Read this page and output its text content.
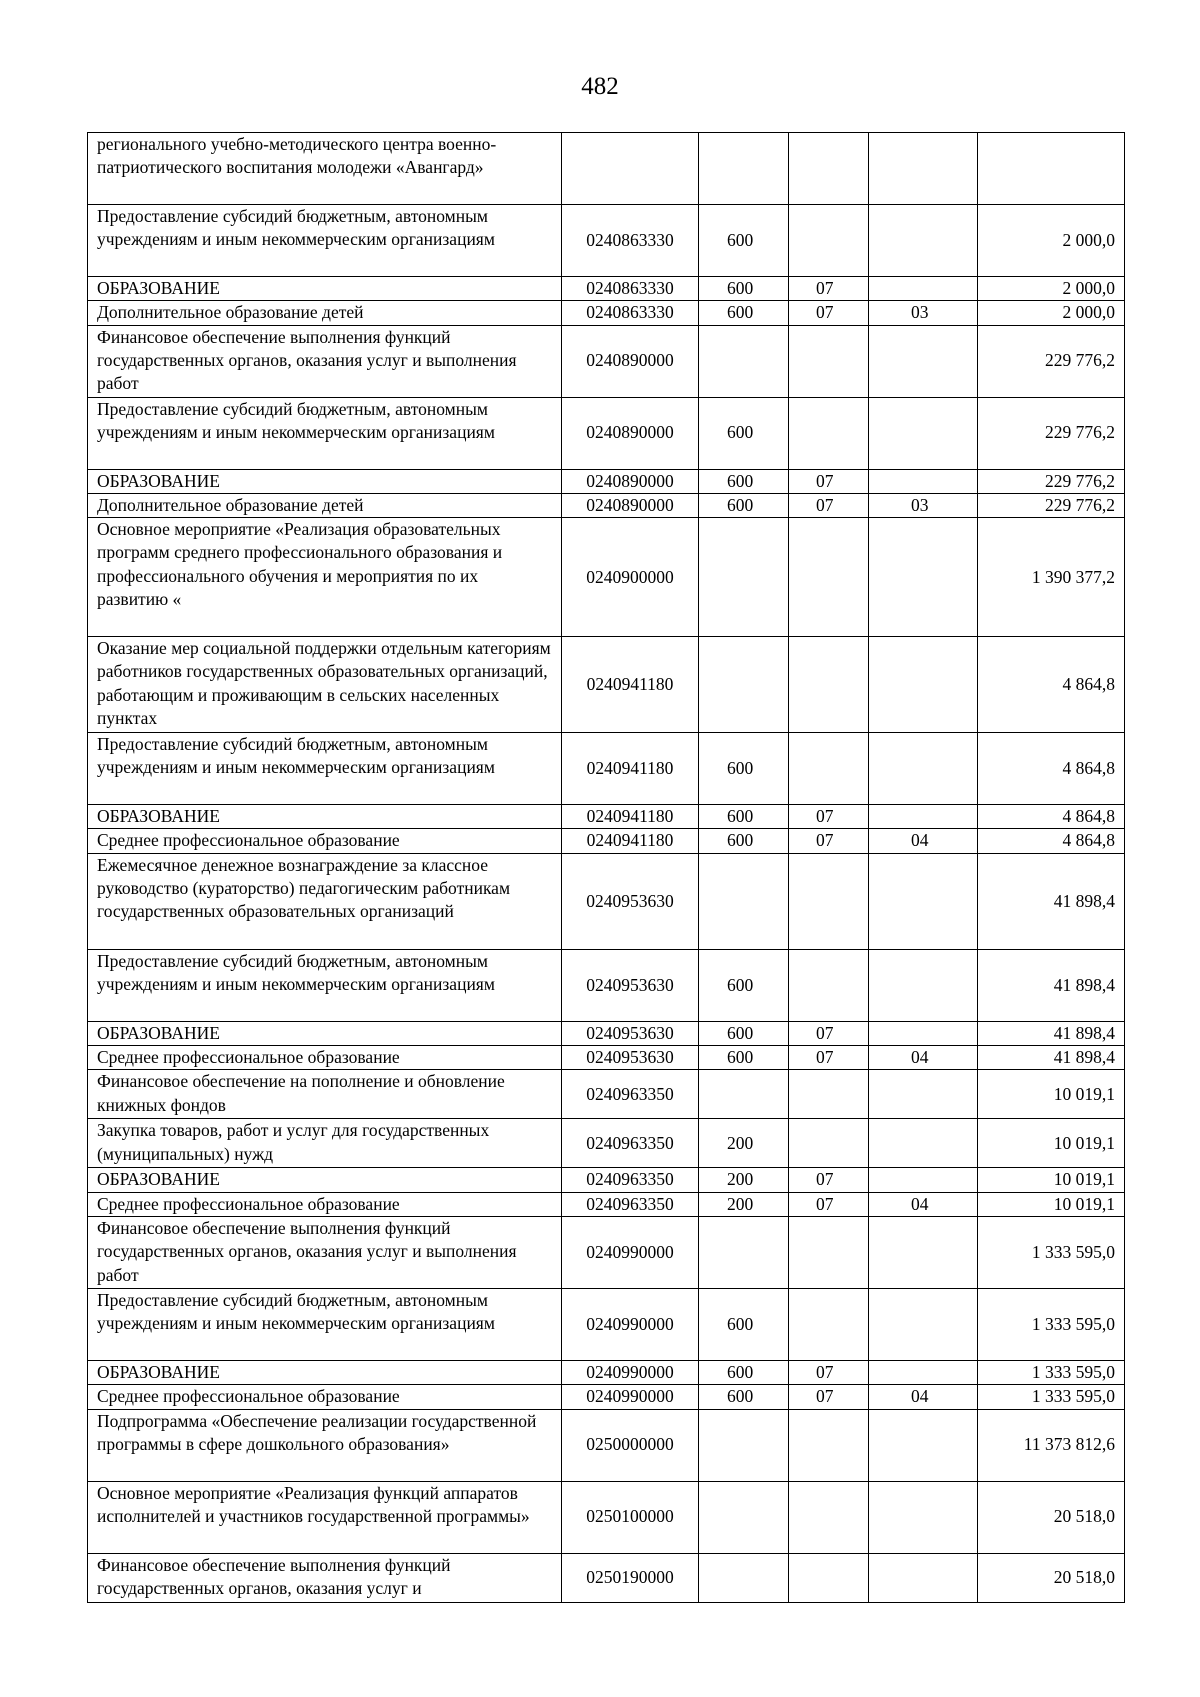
482
регионального учебно-методического центра военно-патриотического воспитания молодежи «Авангард»					
Предоставление субсидий бюджетным, автономным учреждениям и иным некоммерческим организациям	0240863330	600			2 000,0
ОБРАЗОВАНИЕ	0240863330	600	07		2 000,0
Дополнительное образование детей	0240863330	600	07	03	2 000,0
Финансовое обеспечение выполнения функций государственных органов, оказания услуг и выполнения работ	0240890000				229 776,2
Предоставление субсидий бюджетным, автономным учреждениям и иным некоммерческим организациям	0240890000	600			229 776,2
ОБРАЗОВАНИЕ	0240890000	600	07		229 776,2
Дополнительное образование детей	0240890000	600	07	03	229 776,2
Основное мероприятие «Реализация образовательных программ среднего профессионального образования и профессионального обучения и мероприятия по их развитию «	0240900000				1 390 377,2
Оказание мер социальной поддержки отдельным категориям работников государственных образовательных организаций, работающим и проживающим в сельских населенных пунктах	0240941180				4 864,8
Предоставление субсидий бюджетным, автономным учреждениям и иным некоммерческим организациям	0240941180	600			4 864,8
ОБРАЗОВАНИЕ	0240941180	600	07		4 864,8
Среднее профессиональное образование	0240941180	600	07	04	4 864,8
Ежемесячное денежное вознаграждение за классное руководство (кураторство) педагогическим работникам государственных образовательных организаций	0240953630				41 898,4
Предоставление субсидий бюджетным, автономным учреждениям и иным некоммерческим организациям	0240953630	600			41 898,4
ОБРАЗОВАНИЕ	0240953630	600	07		41 898,4
Среднее профессиональное образование	0240953630	600	07	04	41 898,4
Финансовое обеспечение на пополнение и обновление книжных фондов	0240963350				10 019,1
Закупка товаров, работ и услуг для государственных (муниципальных) нужд	0240963350	200			10 019,1
ОБРАЗОВАНИЕ	0240963350	200	07		10 019,1
Среднее профессиональное образование	0240963350	200	07	04	10 019,1
Финансовое обеспечение выполнения функций государственных органов, оказания услуг и выполнения работ	0240990000				1 333 595,0
Предоставление субсидий бюджетным, автономным учреждениям и иным некоммерческим организациям	0240990000	600			1 333 595,0
ОБРАЗОВАНИЕ	0240990000	600	07		1 333 595,0
Среднее профессиональное образование	0240990000	600	07	04	1 333 595,0
Подпрограмма «Обеспечение реализации государственной программы в сфере дошкольного образования»	0250000000				11 373 812,6
Основное мероприятие «Реализация функций аппаратов исполнителей и участников государственной программы»	0250100000				20 518,0
Финансовое обеспечение выполнения функций государственных органов, оказания услуг и	0250190000				20 518,0
